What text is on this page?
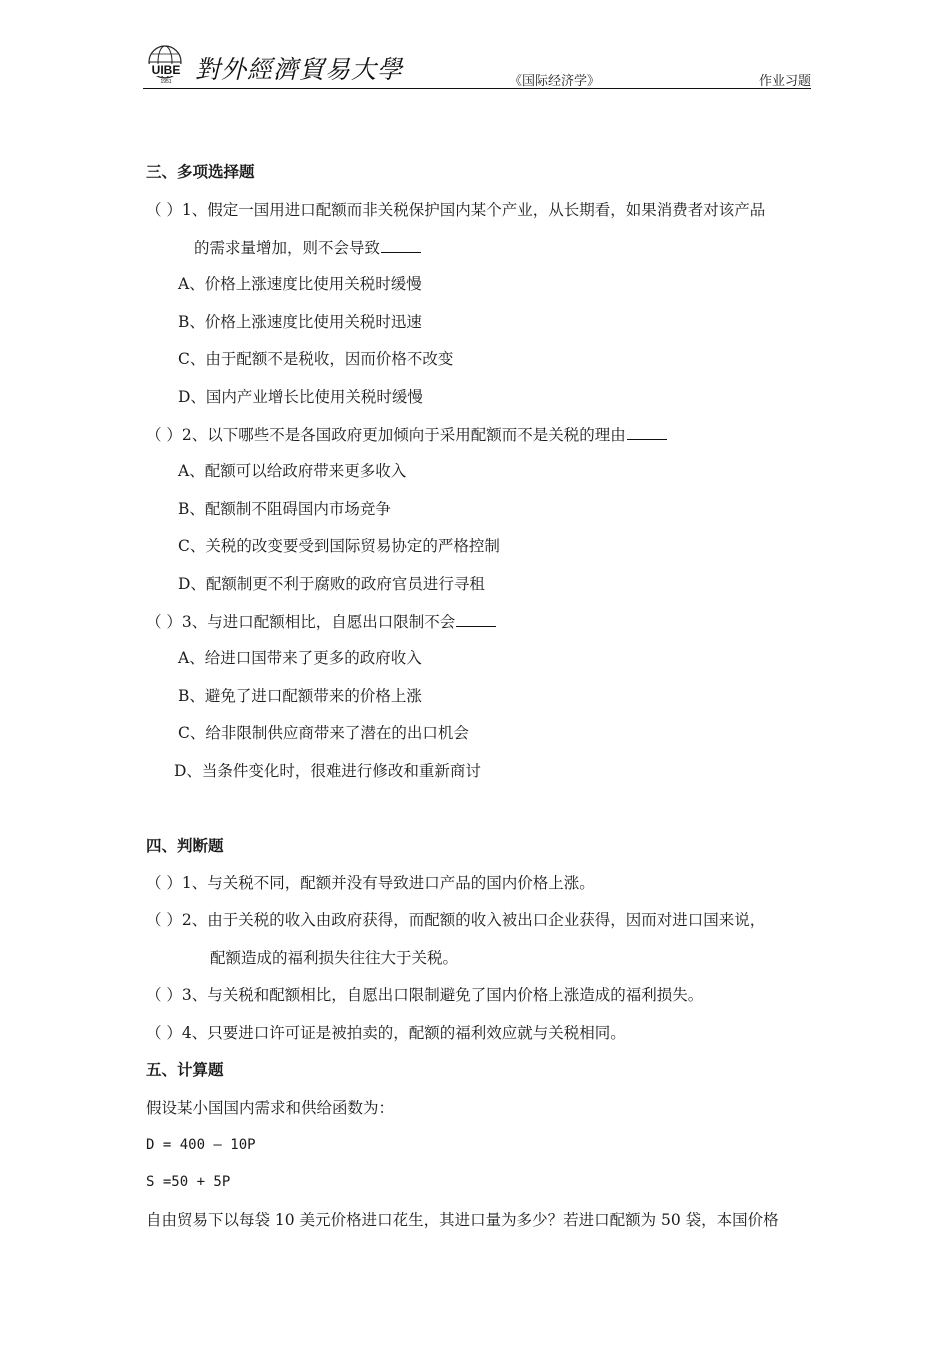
UIBE
1951 對外經濟貿易大學	《国际经济学》	作业习题
三、多项选择题
（ ）1、假定一国用进口配额而非关税保护国内某个产业，从长期看，如果消费者对该产品
的需求量增加，则不会导致
A、价格上涨速度比使用关税时缓慢
B、价格上涨速度比使用关税时迅速
C、由于配额不是税收，因而价格不改变
D、国内产业增长比使用关税时缓慢
（ ）2、以下哪些不是各国政府更加倾向于采用配额而不是关税的理由
A、配额可以给政府带来更多收入
B、配额制不阻碍国内市场竞争
C、关税的改变要受到国际贸易协定的严格控制
D、配额制更不利于腐败的政府官员进行寻租
（ ）3、与进口配额相比，自愿出口限制不会
A、给进口国带来了更多的政府收入
B、避免了进口配额带来的价格上涨
C、给非限制供应商带来了潜在的出口机会
D、当条件变化时，很难进行修改和重新商讨
四、判断题
（ ）1、与关税不同，配额并没有导致进口产品的国内价格上涨。
（ ）2、由于关税的收入由政府获得，而配额的收入被出口企业获得，因而对进口国来说，
配额造成的福利损失往往大于关税。
（ ）3、与关税和配额相比，自愿出口限制避免了国内价格上涨造成的福利损失。
（ ）4、只要进口许可证是被拍卖的，配额的福利效应就与关税相同。
五、计算题
假设某小国国内需求和供给函数为：
D = 400 — 10P
S =50 + 5P
自由贸易下以每袋 10 美元价格进口花生，其进口量为多少？若进口配额为 50 袋，本国价格
